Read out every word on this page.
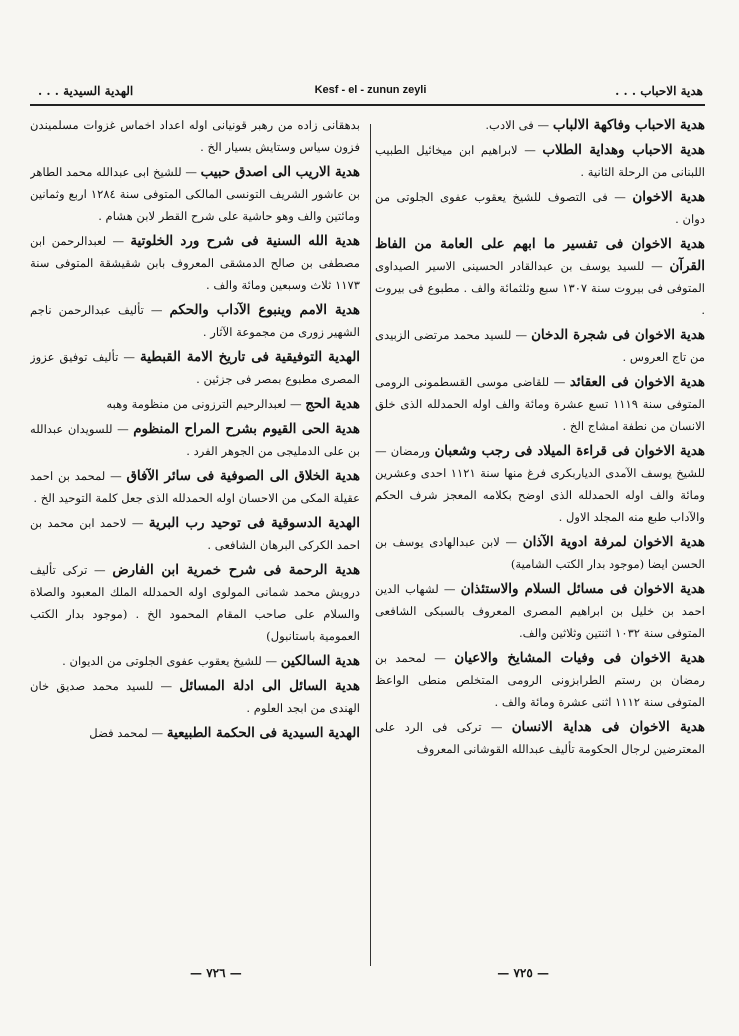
هدية الاحباب . . .
Kesf - el - zunun zeyli
الهدية السيدية . . .

هدية الاحباب وفاكهة الالباب — فى الادب.

هدية الاحباب وهداية الطلاب — لابراهيم ابن ميخائيل الطبيب اللبنانى من الرحلة الثانية .

هدية الاخوان — فى التصوف للشيخ يعقوب عفوى الجلوتى من دوان .

هدية الاخوان فى تفسير ما ابهم على العامة من الفاظ القرآن — للسيد يوسف بن عبدالقادر الحسينى الاسير الصيداوى المتوفى فى بيروت سنة ١٣٠٧ سبع وثلثمائة والف . مطبوع فى بيروت .

هدية الاخوان فى شجرة الدخان — للسيد محمد مرتضى الزبيدى من تاج العروس .

هدية الاخوان فى العقائد — للقاضى موسى القسطمونى الرومى المتوفى سنة ١١١٩ تسع عشرة ومائة والف اوله الحمدلله الذى خلق الانسان من نطفة امشاج الخ .

هدية الاخوان فى قراءة الميلاد فى رجب وشعبان ورمضان — للشيخ يوسف الآمدى الدياربكرى فرغ منها سنة ١١٢١ احدى وعشرين ومائة والف اوله الحمدلله الذى اوضح بكلامه المعجز شرف الحكم والآداب طبع منه المجلد الاول .

هدية الاخوان لمرفة ادوية الآذان — لابن عبدالهادى يوسف بن الحسن ايضا (موجود بدار الكتب الشامية)

هدية الاخوان فى مسائل السلام والاستئذان — لشهاب الدين احمد بن خليل بن ابراهيم المصرى المعروف بالسبكى الشافعى المتوفى سنة ١٠٣٢ اثنتين وثلاثين والف.

هدية الاخوان فى وفيات المشايخ والاعيان — لمحمد بن رمضان بن رستم الطرابزونى الرومى المتخلص منطى الواعظ المتوفى سنة ١١١٢ اثنى عشرة ومائة والف .

هدية الاخوان فى هداية الانسان — تركى فى الرد على المعترضين لرجال الحكومة تأليف عبدالله القوشانى المعروف

بدهقانى زاده من رهبر قونيانى اوله اعداد اخماس غزوات مسلميندن فزون سياس وستايش بسيار الخ .

هدية الاريب الى اصدق حبيب — للشيخ ابى عبدالله محمد الطاهر بن عاشور الشريف التونسى المالكى المتوفى سنة ١٢٨٤ اربع وثمانين ومائتين والف وهو حاشية على شرح القطر لابن هشام .

هدية الله السنية فى شرح ورد الخلوتية — لعبدالرحمن ابن مصطفى بن صالح الدمشقى المعروف بابن شقيشقة المتوفى سنة ١١٧٣ ثلاث وسبعين ومائة والف .

هدية الامم وينبوع الآداب والحكم — تأليف عبدالرحمن ناجم الشهير زورى من مجموعة الآثار .

الهدية التوفيقية فى تاريخ الامة القبطية — تأليف توفيق عزوز المصرى مطبوع بمصر فى جزئين .

هدية الحج — لعبدالرحيم الترزونى من منظومة وهبه

هدية الحى القيوم بشرح المراح المنظوم — للسويدان عبدالله بن على الدمليجى من الجوهر الفرد .

هدية الخلاق الى الصوفية فى سائر الآفاق — لمحمد بن احمد عقيلة المكى من الاحسان اوله الحمدلله الذى جعل كلمة التوحيد الخ .

الهدية الدسوقية فى توحيد رب البرية — لاحمد ابن محمد بن احمد الكركى البرهان الشافعى .

هدية الرحمة فى شرح خمرية ابن الفارض — تركى تأليف درويش محمد شمانى المولوى اوله الحمدلله الملك المعبود والصلاة والسلام على صاحب المقام المحمود الخ . (موجود بدار الكتب العمومية باستانبول)

هدية السالكين — للشيخ يعقوب عفوى الجلوتى من الديوان .

هدية السائل الى ادلة المسائل — للسيد محمد صديق خان الهندى من ابجد العلوم .

الهدية السيدية فى الحكمة الطبيعية — لمحمد فضل

— ٧٢٥ —
— ٧٢٦ —
